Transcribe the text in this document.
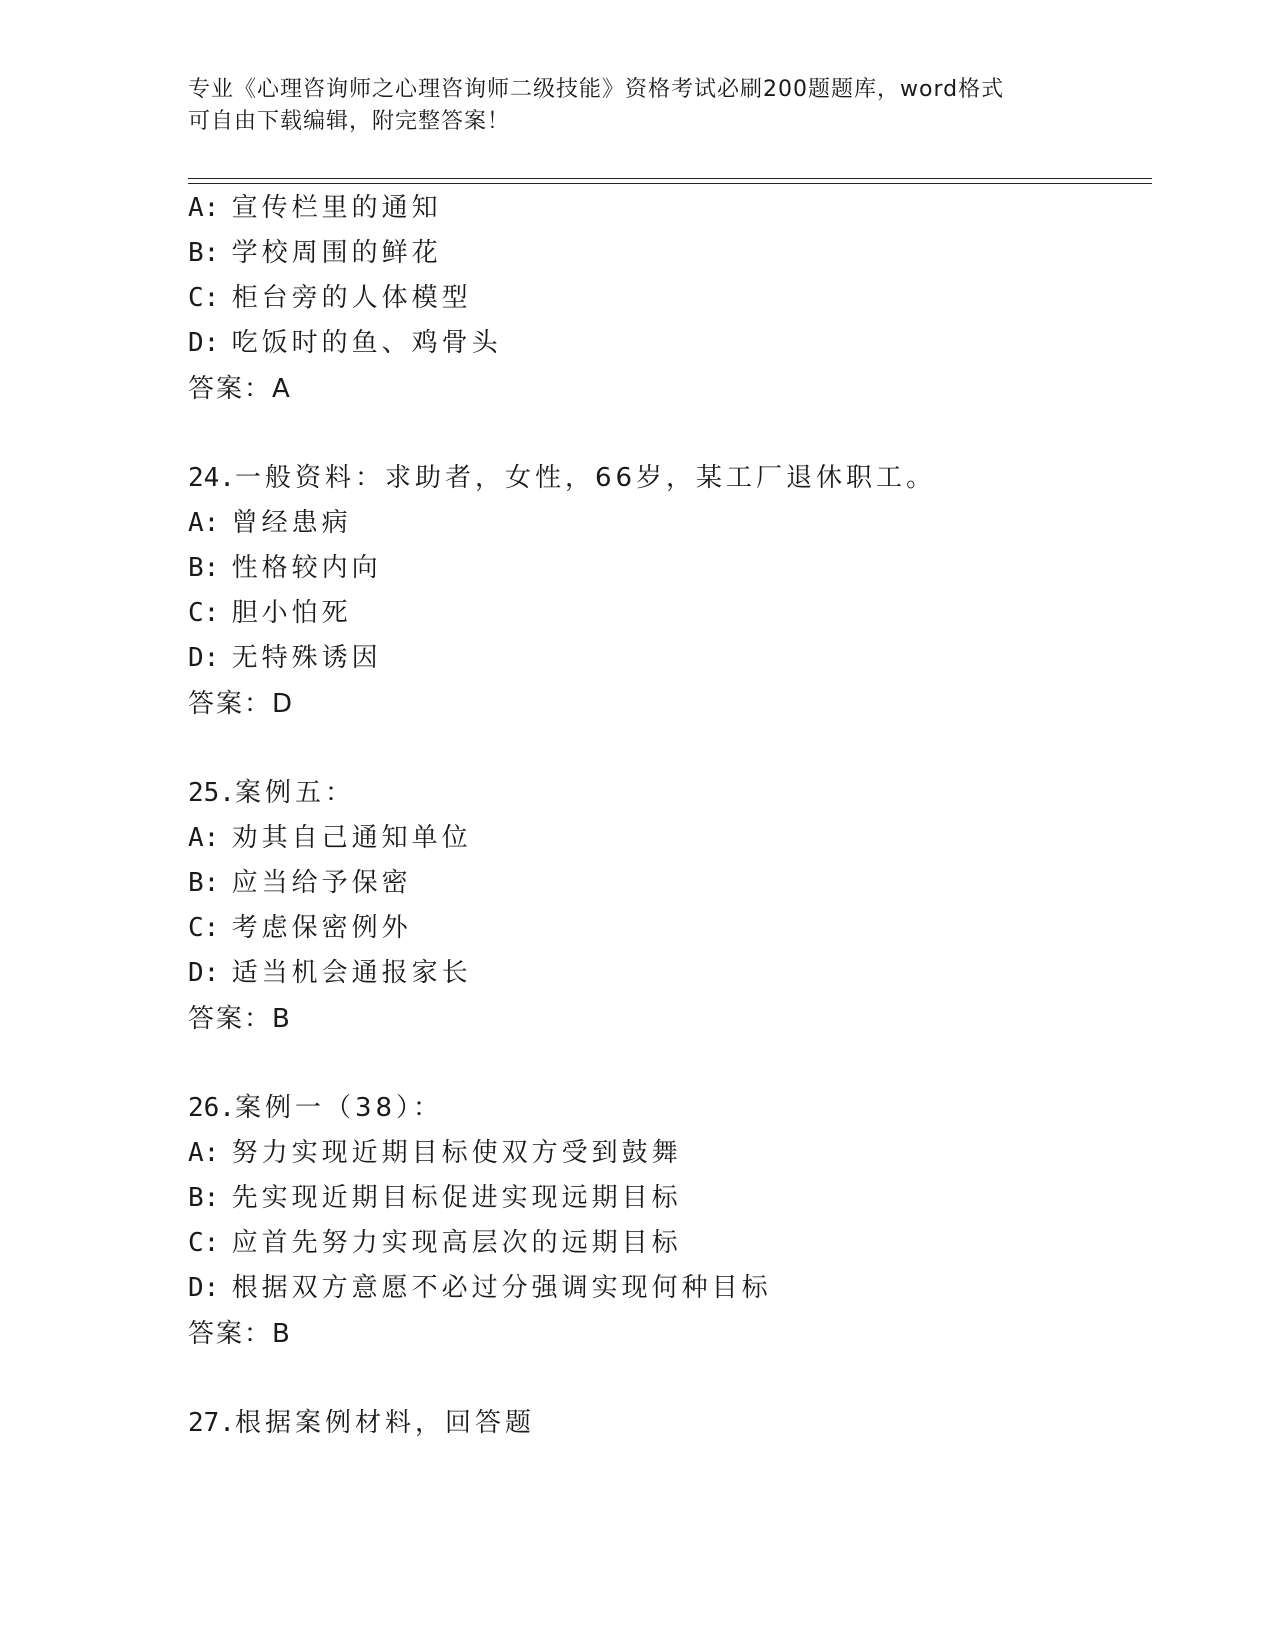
专业《心理咨询师之心理咨询师二级技能》资格考试必刷200题题库，word格式
可自由下载编辑，附完整答案！
A: 宣传栏里的通知
B: 学校周围的鲜花
C: 柜台旁的人体模型
D: 吃饭时的鱼、鸡骨头
答案：A
24.一般资料：求助者，女性，66岁，某工厂退休职工。
A: 曾经患病
B: 性格较内向
C: 胆小怕死
D: 无特殊诱因
答案：D
25.案例五：
A: 劝其自己通知单位
B: 应当给予保密
C: 考虑保密例外
D: 适当机会通报家长
答案：B
26.案例一（38）：
A: 努力实现近期目标使双方受到鼓舞
B: 先实现近期目标促进实现远期目标
C: 应首先努力实现高层次的远期目标
D: 根据双方意愿不必过分强调实现何种目标
答案：B
27.根据案例材料，回答题
